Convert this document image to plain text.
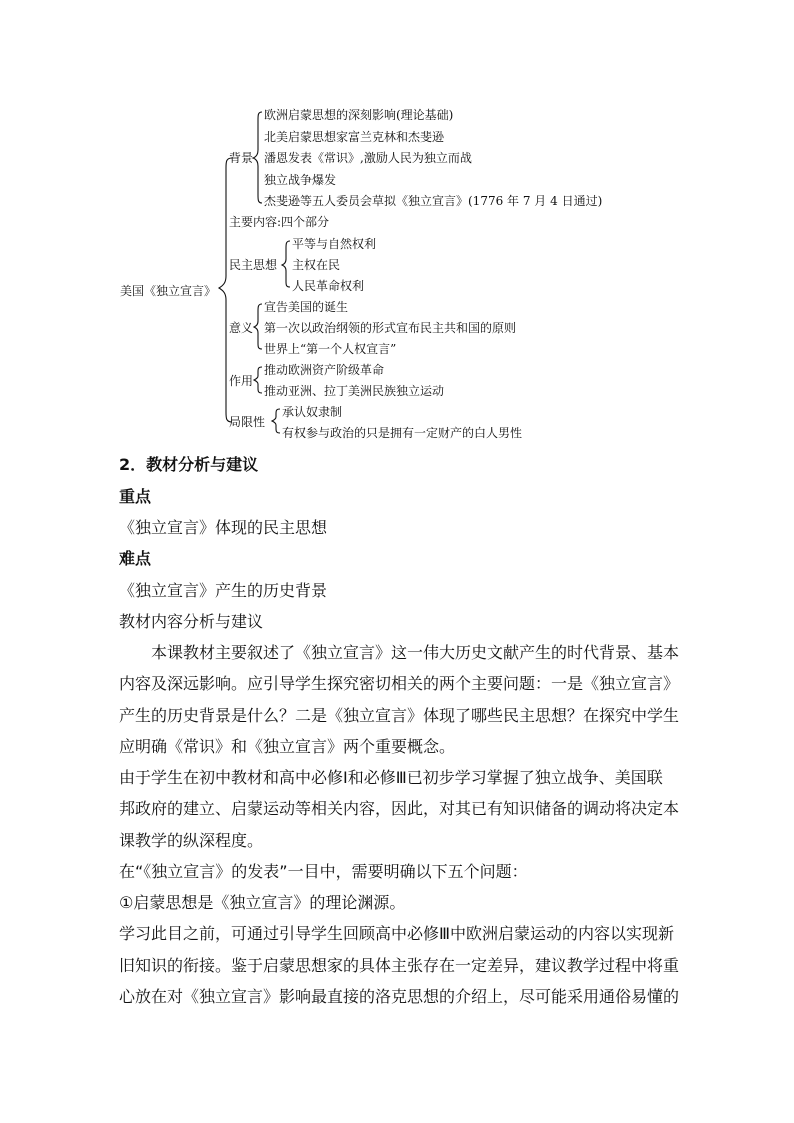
美国《独立宣言》
背景
欧洲启蒙思想的深刻影响(理论基础)
北美启蒙思想家富兰克林和杰斐逊
潘恩发表《常识》,激励人民为独立而战
独立战争爆发
杰斐逊等五人委员会草拟《独立宣言》(1776 年 7 月 4 日通过)
主要内容:四个部分
民主思想
平等与自然权利
主权在民
人民革命权利
意义
宣告美国的诞生
第一次以政治纲领的形式宣布民主共和国的原则
世界上“第一个人权宣言”
作用
推动欧洲资产阶级革命
推动亚洲、拉丁美洲民族独立运动
局限性
承认奴隶制
有权参与政治的只是拥有一定财产的白人男性
2．教材分析与建议
重点
《独立宣言》体现的民主思想
难点
《独立宣言》产生的历史背景
教材内容分析与建议
本课教材主要叙述了《独立宣言》这一伟大历史文献产生的时代背景、基本
内容及深远影响。应引导学生探究密切相关的两个主要问题：一是《独立宣言》
产生的历史背景是什么？二是《独立宣言》体现了哪些民主思想？在探究中学生
应明确《常识》和《独立宣言》两个重要概念。
由于学生在初中教材和高中必修Ⅰ和必修Ⅲ已初步学习掌握了独立战争、美国联
邦政府的建立、启蒙运动等相关内容，因此，对其已有知识储备的调动将决定本
课教学的纵深程度。
在“《独立宣言》的发表”一目中，需要明确以下五个问题：
①启蒙思想是《独立宣言》的理论渊源。
学习此目之前，可通过引导学生回顾高中必修Ⅲ中欧洲启蒙运动的内容以实现新
旧知识的衔接。鉴于启蒙思想家的具体主张存在一定差异，建议教学过程中将重
心放在对《独立宣言》影响最直接的洛克思想的介绍上，尽可能采用通俗易懂的
